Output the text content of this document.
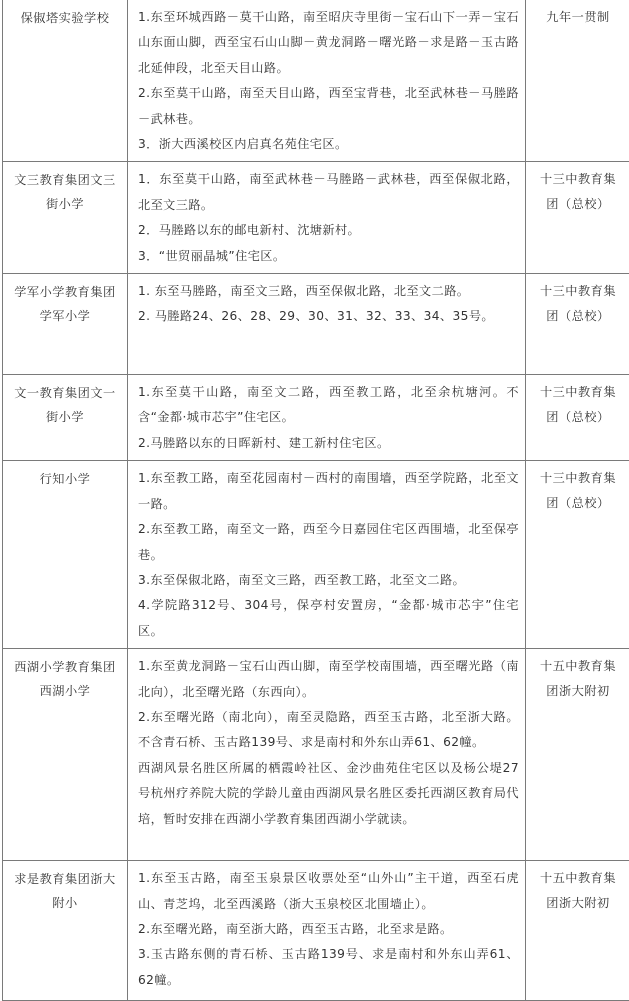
保俶塔实验学校	1.东至环城西路－莫干山路，南至昭庆寺里街－宝石山下一弄－宝石山东面山脚，西至宝石山山脚－黄龙洞路－曙光路－求是路－玉古路北延伸段，北至天目山路。
2.东至莫干山路，南至天目山路，西至宝背巷，北至武林巷－马塍路－武林巷。
3．浙大西溪校区内启真名苑住宅区。	九年一贯制
文三教育集团文三街小学	1．东至莫干山路，南至武林巷－马塍路－武林巷，西至保俶北路，北至文三路。
2．马塍路以东的邮电新村、沈塘新村。
3．“世贸丽晶城”住宅区。	十三中教育集团（总校）
学军小学教育集团学军小学	1. 东至马塍路，南至文三路，西至保俶北路，北至文二路。
2. 马塍路24、26、28、29、30、31、32、33、34、35号。	十三中教育集团（总校）
文一教育集团文一街小学	1.东至莫干山路，南至文二路，西至教工路，北至余杭塘河。不含“金都·城市芯宇”住宅区。
2.马塍路以东的日晖新村、建工新村住宅区。	十三中教育集团（总校）
行知小学	1.东至教工路，南至花园南村－西村的南围墙，西至学院路，北至文一路。
2.东至教工路，南至文一路，西至今日嘉园住宅区西围墙，北至保亭巷。
3.东至保俶北路，南至文三路，西至教工路，北至文二路。
4.学院路312号、304号，保亭村安置房，“金都·城市芯宇”住宅区。	十三中教育集团（总校）
西湖小学教育集团西湖小学	1.东至黄龙洞路－宝石山西山脚，南至学校南围墙，西至曙光路（南北向），北至曙光路（东西向）。
2.东至曙光路（南北向），南至灵隐路，西至玉古路，北至浙大路。不含青石桥、玉古路139号、求是南村和外东山弄61、62幢。
西湖风景名胜区所属的栖霞岭社区、金沙曲苑住宅区以及杨公堤27号杭州疗养院大院的学龄儿童由西湖风景名胜区委托西湖区教育局代培，暂时安排在西湖小学教育集团西湖小学就读。	十五中教育集团浙大附初
求是教育集团浙大附小	1.东至玉古路，南至玉泉景区收票处至“山外山”主干道，西至石虎山、青芝坞，北至西溪路（浙大玉泉校区北围墙止）。
2.东至曙光路，南至浙大路，西至玉古路，北至求是路。
3.玉古路东侧的青石桥、玉古路139号、求是南村和外东山弄61、62幢。	十五中教育集团浙大附初
